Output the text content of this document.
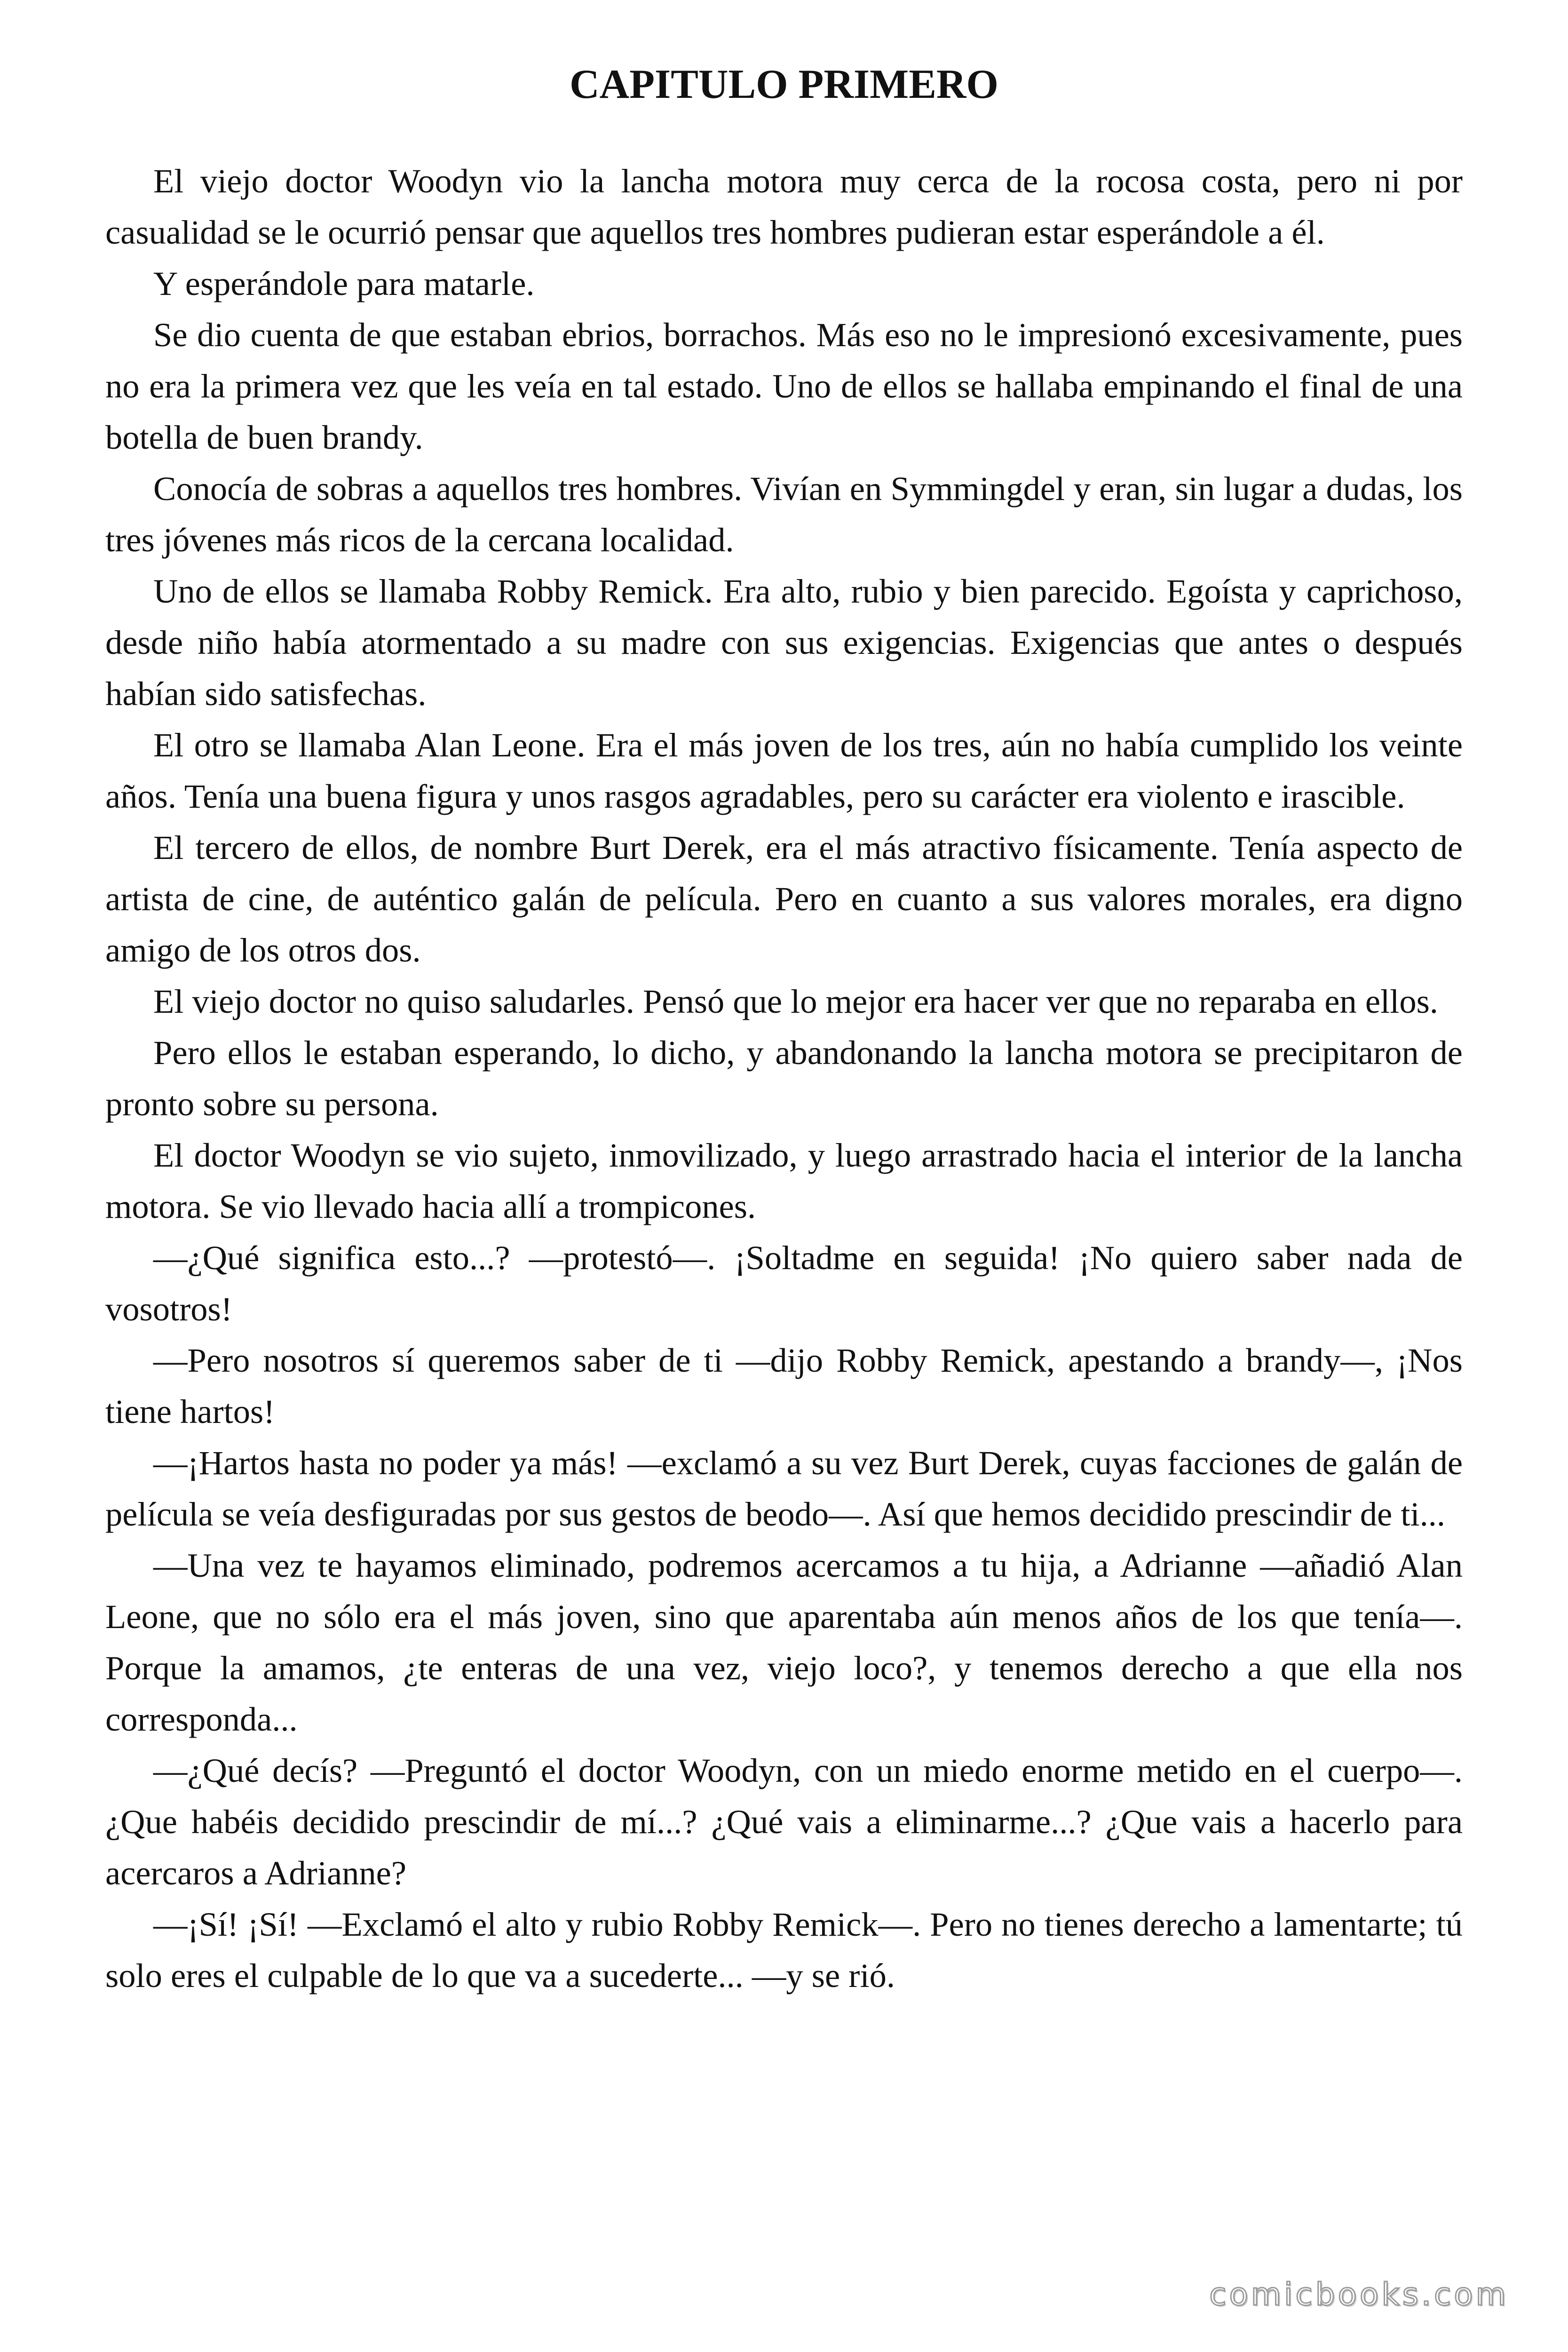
CAPITULO PRIMERO

El viejo doctor Woodyn vio la lancha motora muy cerca de la rocosa costa, pero ni por casualidad se le ocurrió pensar que aquellos tres hombres pudieran estar esperándole a él.

Y esperándole para matarle.

Se dio cuenta de que estaban ebrios, borrachos. Más eso no le impresionó excesivamente, pues no era la primera vez que les veía en tal estado. Uno de ellos se hallaba empinando el final de una botella de buen brandy.

Conocía de sobras a aquellos tres hombres. Vivían en Symmingdel y eran, sin lugar a dudas, los tres jóvenes más ricos de la cercana localidad.

Uno de ellos se llamaba Robby Remick. Era alto, rubio y bien parecido. Egoísta y caprichoso, desde niño había atormentado a su madre con sus exigencias. Exigencias que antes o después habían sido satisfechas.

El otro se llamaba Alan Leone. Era el más joven de los tres, aún no había cumplido los veinte años. Tenía una buena figura y unos rasgos agradables, pero su carácter era violento e irascible.

El tercero de ellos, de nombre Burt Derek, era el más atractivo físicamente. Tenía aspecto de artista de cine, de auténtico galán de película. Pero en cuanto a sus valores morales, era digno amigo de los otros dos.

El viejo doctor no quiso saludarles. Pensó que lo mejor era hacer ver que no reparaba en ellos.

Pero ellos le estaban esperando, lo dicho, y abandonando la lancha motora se precipitaron de pronto sobre su persona.

El doctor Woodyn se vio sujeto, inmovilizado, y luego arrastrado hacia el interior de la lancha motora. Se vio llevado hacia allí a trompicones.

—¿Qué significa esto...? —protestó—. ¡Soltadme en seguida! ¡No quiero saber nada de vosotros!

—Pero nosotros sí queremos saber de ti —dijo Robby Remick, apestando a brandy—, ¡Nos tiene hartos!

—¡Hartos hasta no poder ya más! —exclamó a su vez Burt Derek, cuyas facciones de galán de película se veía desfiguradas por sus gestos de beodo—. Así que hemos decidido prescindir de ti...

—Una vez te hayamos eliminado, podremos acercamos a tu hija, a Adrianne —añadió Alan Leone, que no sólo era el más joven, sino que aparentaba aún menos años de los que tenía—. Porque la amamos, ¿te enteras de una vez, viejo loco?, y tenemos derecho a que ella nos corresponda...

—¿Qué decís? —Preguntó el doctor Woodyn, con un miedo enorme metido en el cuerpo—. ¿Que habéis decidido prescindir de mí...? ¿Qué vais a eliminarme...? ¿Que vais a hacerlo para acercaros a Adrianne?

—¡Sí! ¡Sí! —Exclamó el alto y rubio Robby Remick—. Pero no tienes derecho a lamentarte; tú solo eres el culpable de lo que va a sucederte... —y se rió.

comicbooks.com
